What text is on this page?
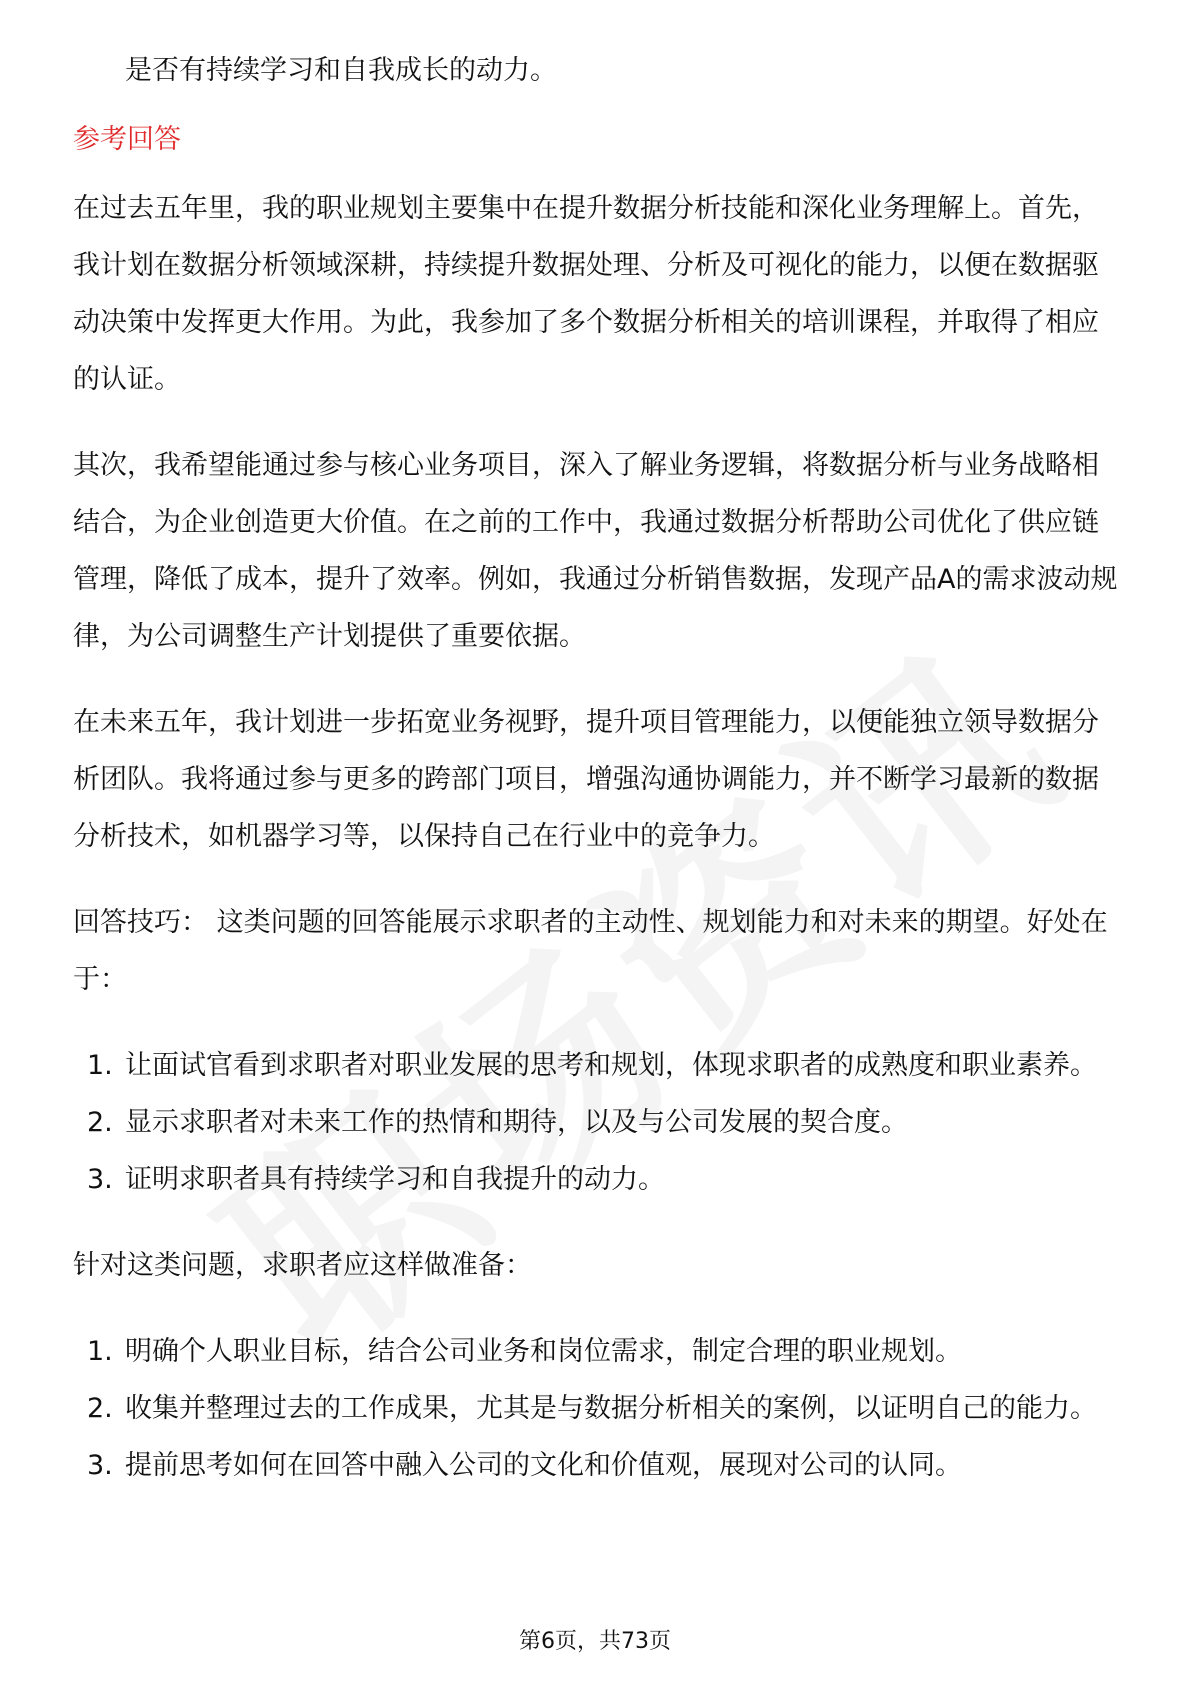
是否有持续学习和自我成长的动力。

参考回答

在过去五年里，我的职业规划主要集中在提升数据分析技能和深化业务理解上。首先，我计划在数据分析领域深耕，持续提升数据处理、分析及可视化的能力，以便在数据驱动决策中发挥更大作用。为此，我参加了多个数据分析相关的培训课程，并取得了相应的认证。

其次，我希望能通过参与核心业务项目，深入了解业务逻辑，将数据分析与业务战略相结合，为企业创造更大价值。在之前的工作中，我通过数据分析帮助公司优化了供应链管理，降低了成本，提升了效率。例如，我通过分析销售数据，发现产品A的需求波动规律，为公司调整生产计划提供了重要依据。

在未来五年，我计划进一步拓宽业务视野，提升项目管理能力，以便能独立领导数据分析团队。我将通过参与更多的跨部门项目，增强沟通协调能力，并不断学习最新的数据分析技术，如机器学习等，以保持自己在行业中的竞争力。

回答技巧： 这类问题的回答能展示求职者的主动性、规划能力和对未来的期望。好处在于：

1. 让面试官看到求职者对职业发展的思考和规划，体现求职者的成熟度和职业素养。
2. 显示求职者对未来工作的热情和期待，以及与公司发展的契合度。
3. 证明求职者具有持续学习和自我提升的动力。

针对这类问题，求职者应这样做准备：

1. 明确个人职业目标，结合公司业务和岗位需求，制定合理的职业规划。
2. 收集并整理过去的工作成果，尤其是与数据分析相关的案例，以证明自己的能力。
3. 提前思考如何在回答中融入公司的文化和价值观，展现对公司的认同。
第6页，共73页
